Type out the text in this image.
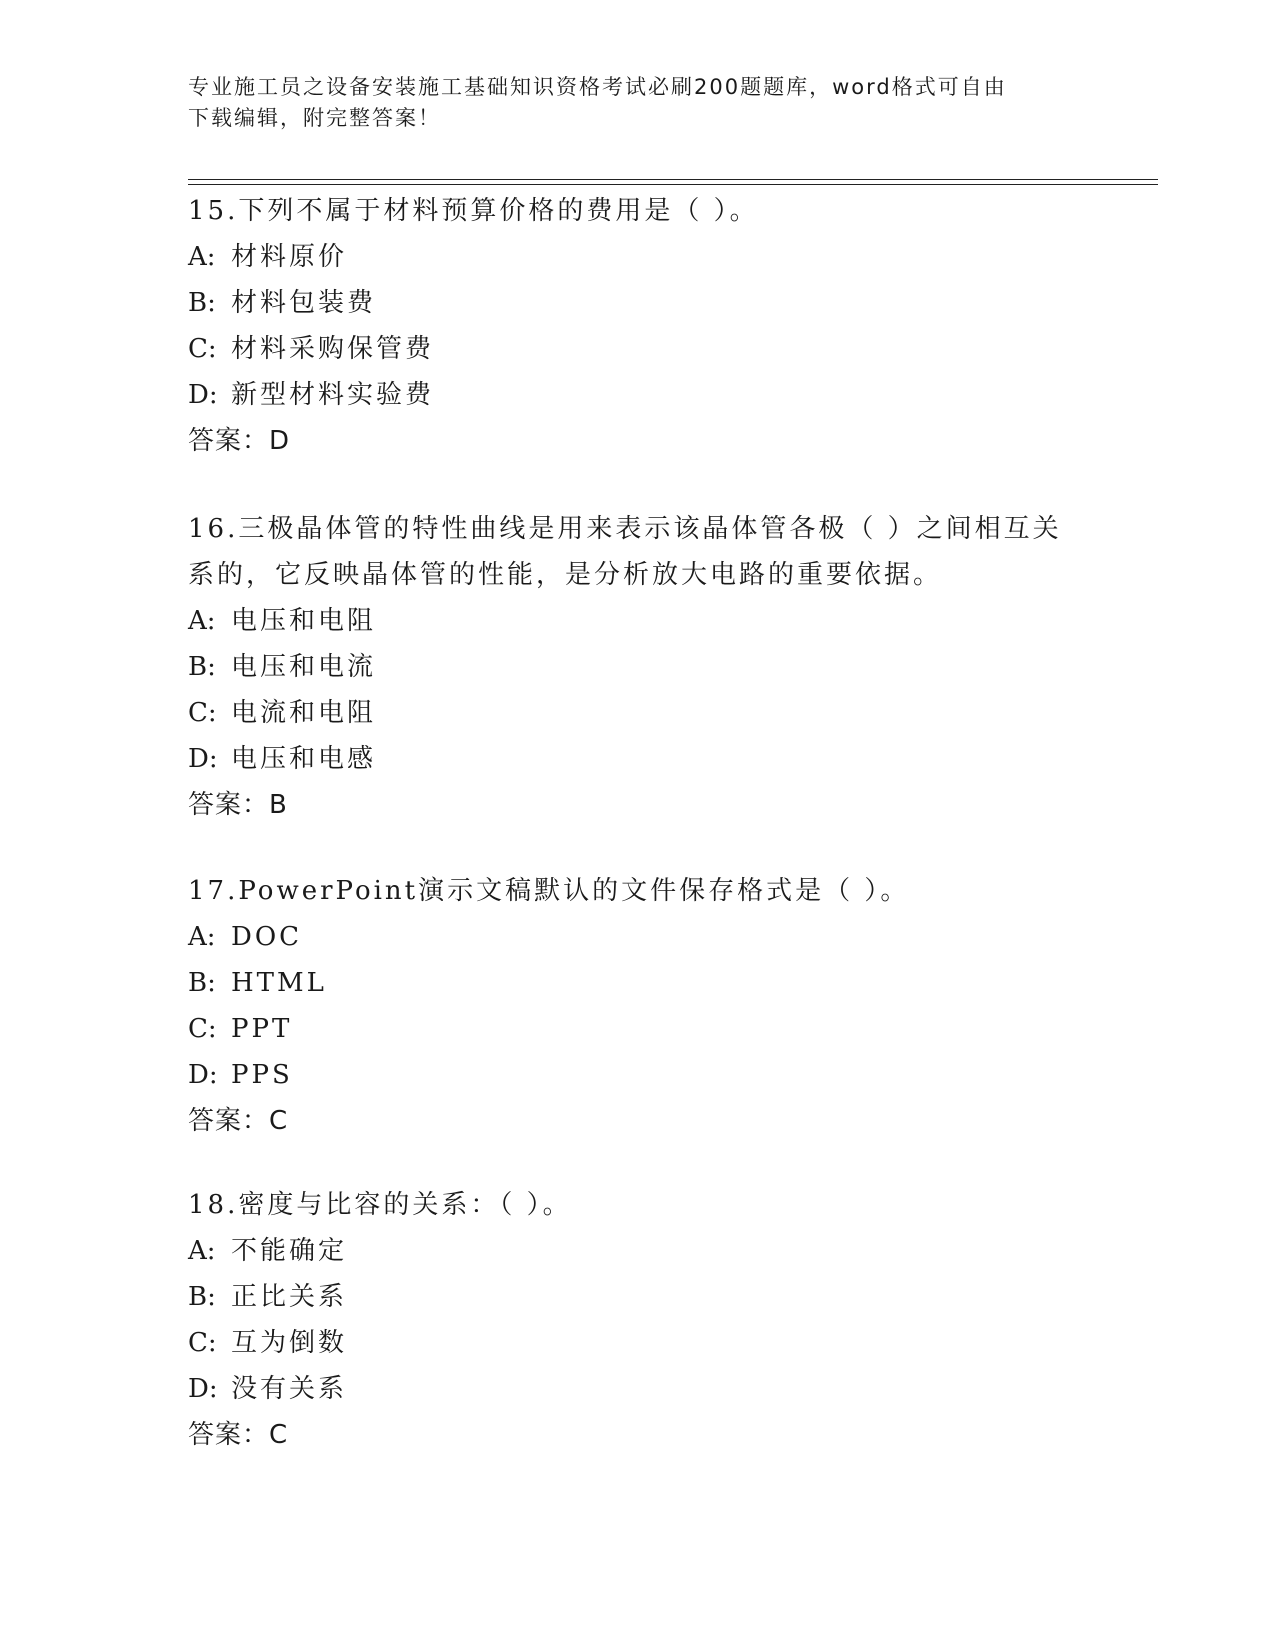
专业施工员之设备安装施工基础知识资格考试必刷200题题库，word格式可自由
下载编辑，附完整答案！

15.下列不属于材料预算价格的费用是（ ）。

A: 材料原价

B: 材料包装费

C: 材料采购保管费

D: 新型材料实验费

答案：D

16.三极晶体管的特性曲线是用来表示该晶体管各极（ ）之间相互关系的，它反映晶体管的性能，是分析放大电路的重要依据。

A: 电压和电阻

B: 电压和电流

C: 电流和电阻

D: 电压和电感

答案：B

17.PowerPoint演示文稿默认的文件保存格式是（ ）。

A: DOC

B: HTML

C: PPT

D: PPS

答案：C

18.密度与比容的关系：（ ）。

A: 不能确定

B: 正比关系

C: 互为倒数

D: 没有关系

答案：C
